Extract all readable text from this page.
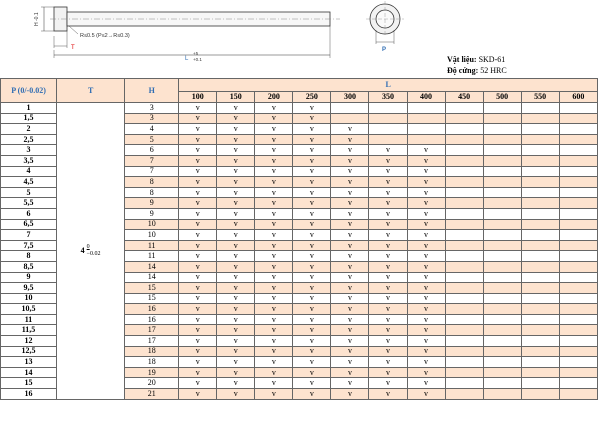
H -0.1
T
R≤0.5 (P≤2→R≤0.3)
L
+5
+0.1
P
Vật liệu: SKD-61
Độ cứng: 52 HRC
P (0/-0.02)	T	H	L										
			100	150	200	250	300	350	400	450	500	550	600
1	$4 \frac{0}{-0.02}$	3	v	v	v	v							
1,5		3	v	v	v	v							
2		4	v	v	v	v	v						
2,5		5	v	v	v	v	v						
3		6	v	v	v	v	v	v	v				
3,5		7	v	v	v	v	v	v	v				
4		7	v	v	v	v	v	v	v				
4,5		8	v	v	v	v	v	v	v				
5		8	v	v	v	v	v	v	v				
5,5		9	v	v	v	v	v	v	v				
6		9	v	v	v	v	v	v	v				
6,5		10	v	v	v	v	v	v	v				
7		10	v	v	v	v	v	v	v				
7,5		11	v	v	v	v	v	v	v				
8		11	v	v	v	v	v	v	v				
8,5		14	v	v	v	v	v	v	v				
9		14	v	v	v	v	v	v	v				
9,5		15	v	v	v	v	v	v	v				
10		15	v	v	v	v	v	v	v				
10,5		16	v	v	v	v	v	v	v				
11		16	v	v	v	v	v	v	v				
11,5		17	v	v	v	v	v	v	v				
12		17	v	v	v	v	v	v	v				
12,5		18	v	v	v	v	v	v	v				
13		18	v	v	v	v	v	v	v				
14		19	v	v	v	v	v	v	v				
15		20	v	v	v	v	v	v	v				
16		21	v	v	v	v	v	v	v				
